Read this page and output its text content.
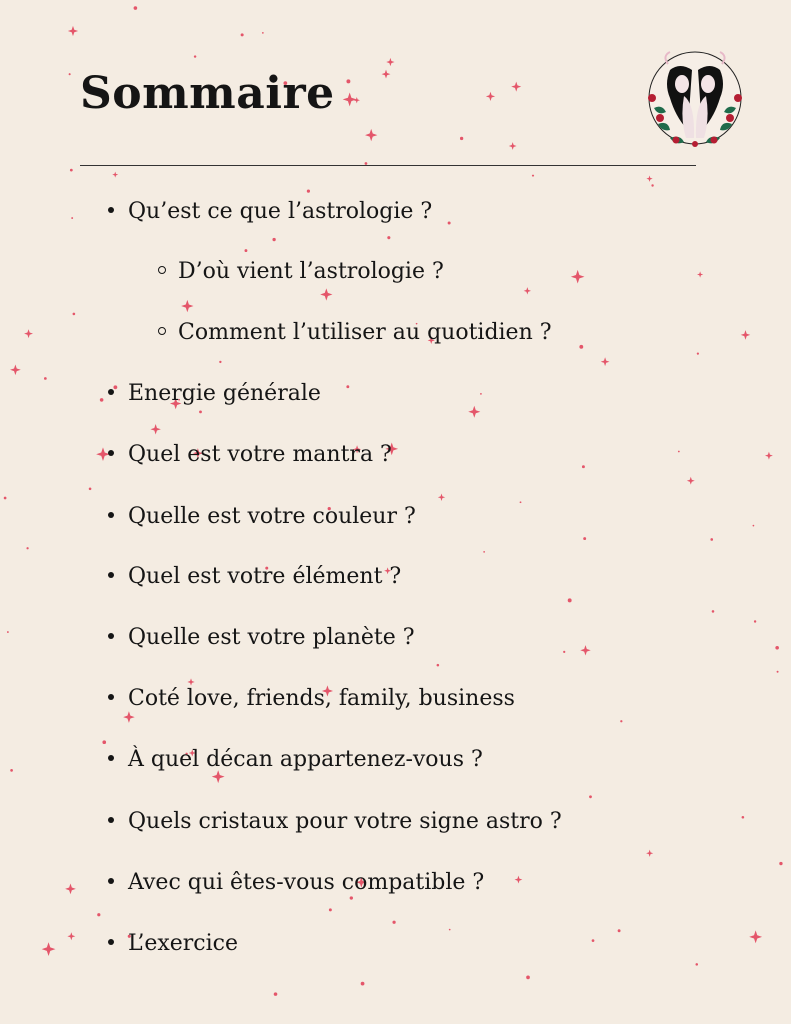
Sommaire
Qu’est ce que l’astrologie ?
D’où vient l’astrologie ?
Comment l’utiliser au quotidien ?
Energie générale
Quel est votre mantra ?
Quelle est votre couleur ?
Quel est votre élément ?
Quelle est votre planète ?
Coté love, friends, family, business
À quel décan appartenez-vous ?
Quels cristaux pour votre signe astro ?
Avec qui êtes-vous compatible ?
L’exercice
